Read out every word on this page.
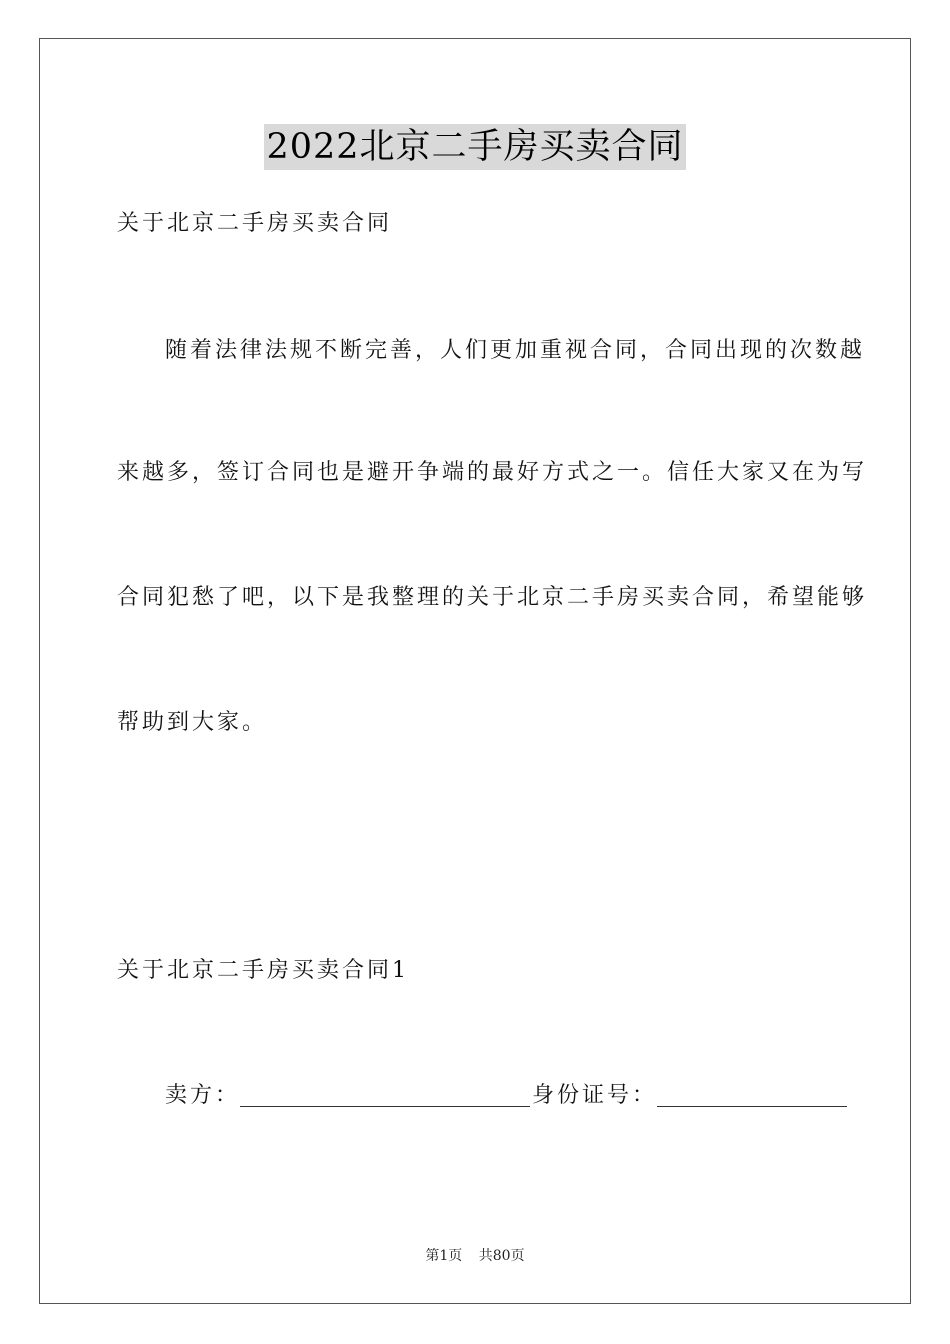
2022北京二手房买卖合同
关于北京二手房买卖合同
随着法律法规不断完善，人们更加重视合同，合同出现的次数越
来越多，签订合同也是避开争端的最好方式之一。信任大家又在为写
合同犯愁了吧，以下是我整理的关于北京二手房买卖合同，希望能够
帮助到大家。
关于北京二手房买卖合同1
卖方：	身份证号：
第1页 共80页
